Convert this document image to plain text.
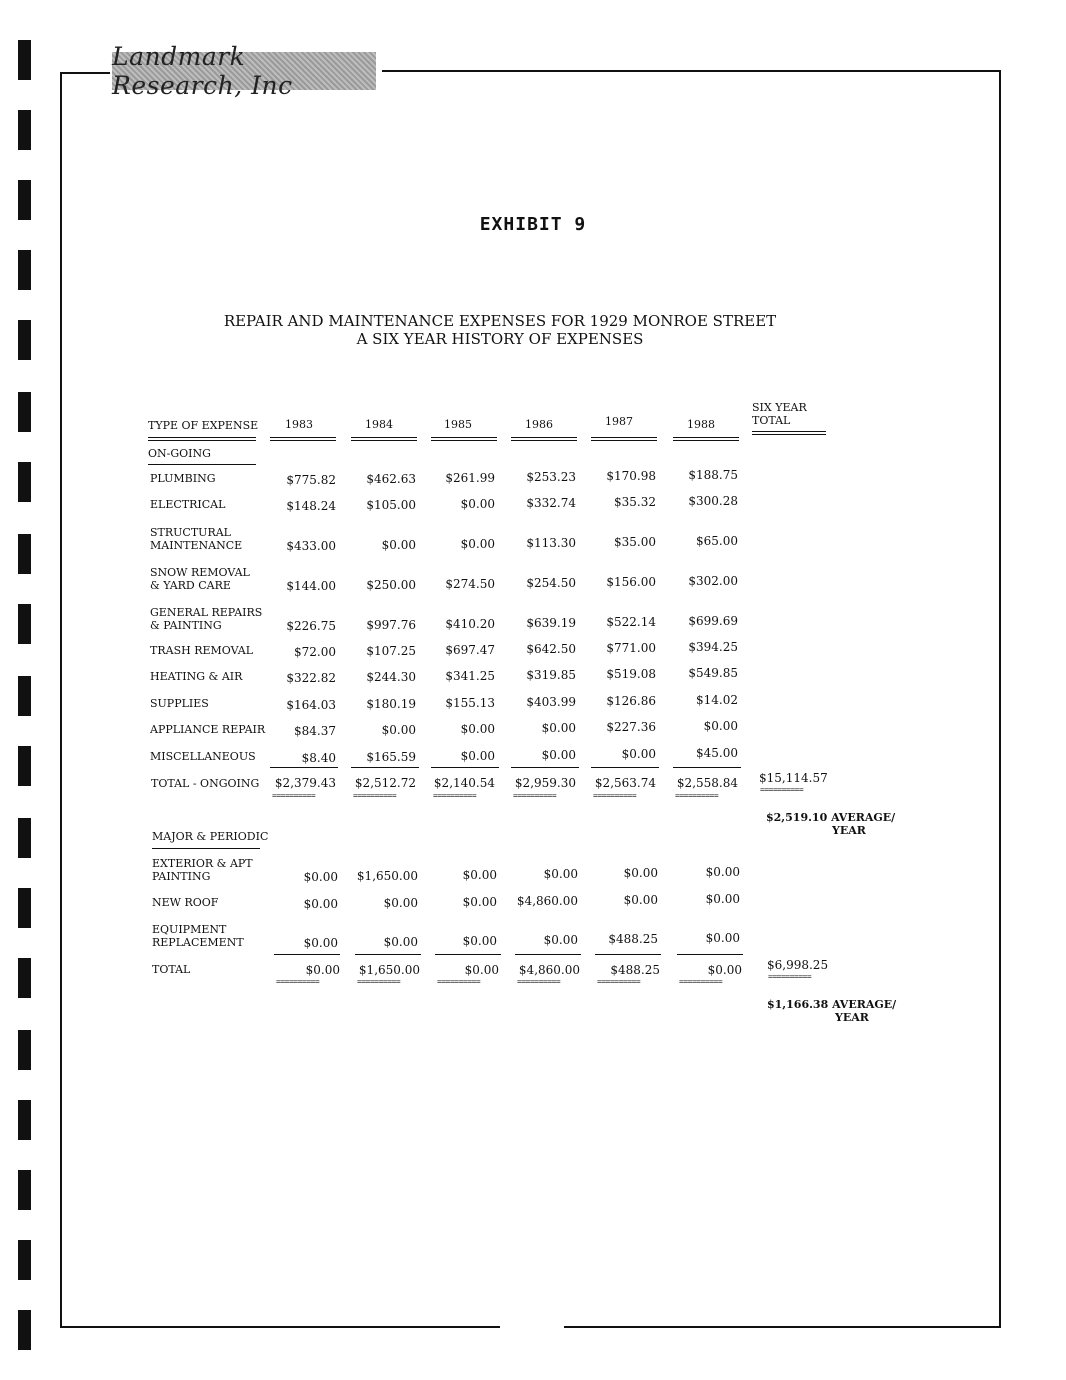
Landmark Research, Inc
EXHIBIT 9
REPAIR AND MAINTENANCE EXPENSES FOR 1929 MONROE STREET
A SIX YEAR HISTORY OF EXPENSES
TYPE OF EXPENSE
SIX YEAR
TOTAL
1983	1984	1985	1986	1987	1988
ON-GOING
PLUMBING	$775.82	$462.63	$261.99	$253.23	$170.98	$188.75
ELECTRICAL	$148.24	$105.00	$0.00	$332.74	$35.32	$300.28
STRUCTURAL
MAINTENANCE	$433.00	$0.00	$0.00	$113.30	$35.00	$65.00
SNOW REMOVAL
& YARD CARE	$144.00	$250.00	$274.50	$254.50	$156.00	$302.00
GENERAL REPAIRS
& PAINTING	$226.75	$997.76	$410.20	$639.19	$522.14	$699.69
TRASH REMOVAL	$72.00	$107.25	$697.47	$642.50	$771.00	$394.25
HEATING & AIR	$322.82	$244.30	$341.25	$319.85	$519.08	$549.85
SUPPLIES	$164.03	$180.19	$155.13	$403.99	$126.86	$14.02
APPLIANCE REPAIR	$84.37	$0.00	$0.00	$0.00	$227.36	$0.00
MISCELLANEOUS	$8.40	$165.59	$0.00	$0.00	$0.00	$45.00
TOTAL - ONGOING	$2,379.43	$2,512.72	$2,140.54	$2,959.30	$2,563.74	$2,558.84 $15,114.57
==========	==========	==========	==========	==========	==========
==========
$2,519.10 AVERAGE/
YEAR
MAJOR & PERIODIC
EXTERIOR & APT
PAINTING	$0.00	$1,650.00	$0.00	$0.00	$0.00	$0.00
NEW ROOF	$0.00	$0.00	$0.00	$4,860.00	$0.00	$0.00
EQUIPMENT
REPLACEMENT	$0.00	$0.00	$0.00	$0.00	$488.25	$0.00
TOTAL	$0.00	$1,650.00	$0.00	$4,860.00	$488.25	$0.00 $6,998.25
==========	==========	==========	==========	==========	==========
==========
$1,166.38 AVERAGE/
YEAR
